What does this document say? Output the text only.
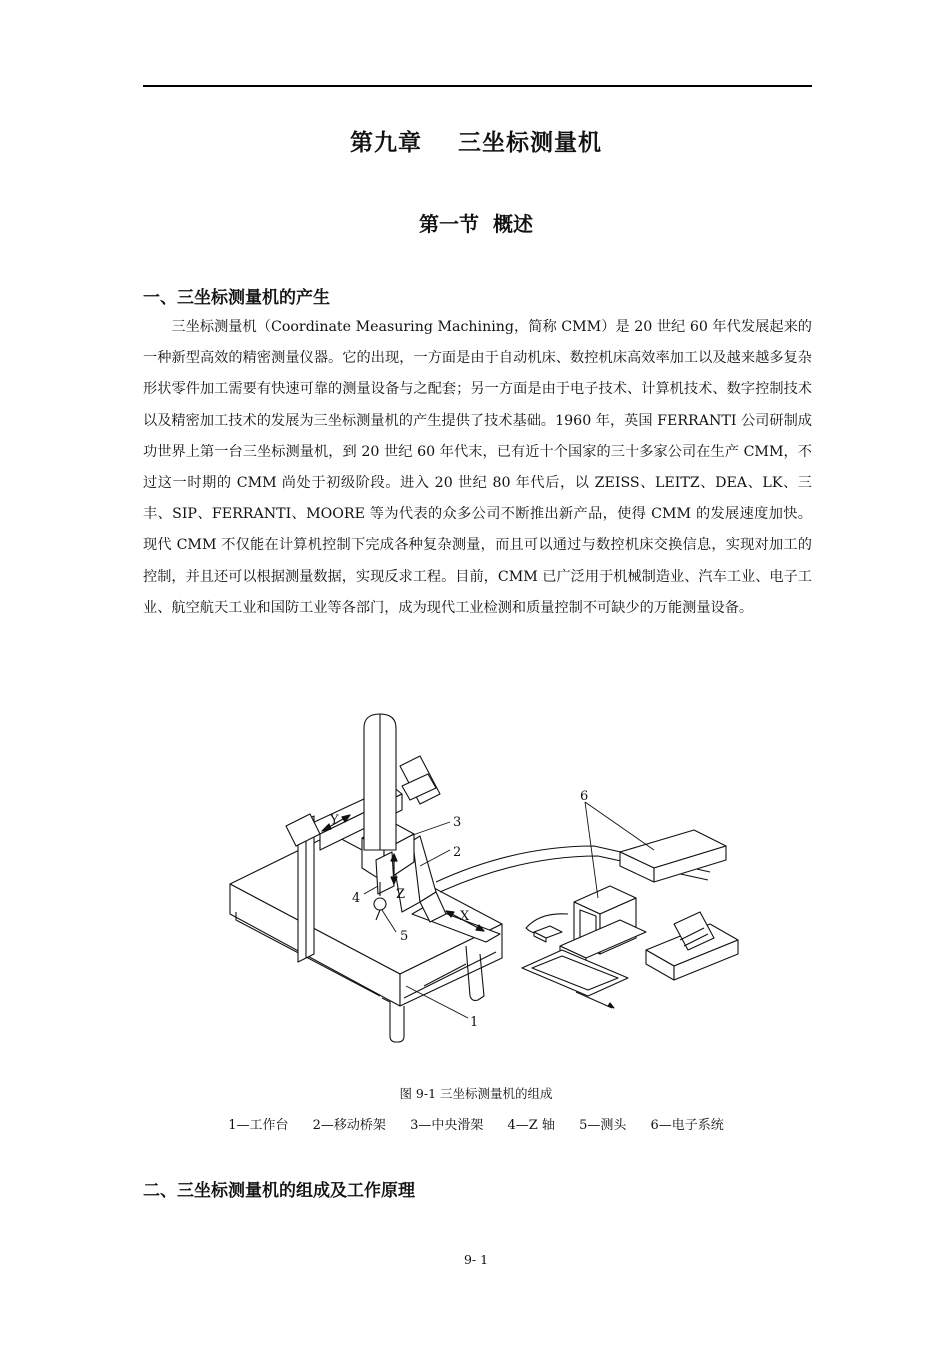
第九章    三坐标测量机
第一节  概述
一、三坐标测量机的产生

三坐标测量机（Coordinate Measuring Machining，简称 CMM）是 20 世纪 60 年代发展起来的一种新型高效的精密测量仪器。它的出现，一方面是由于自动机床、数控机床高效率加工以及越来越多复杂形状零件加工需要有快速可靠的测量设备与之配套；另一方面是由于电子技术、计算机技术、数字控制技术以及精密加工技术的发展为三坐标测量机的产生提供了技术基础。1960 年，英国 FERRANTI 公司研制成功世界上第一台三坐标测量机，到 20 世纪 60 年代末，已有近十个国家的三十多家公司在生产 CMM，不过这一时期的 CMM 尚处于初级阶段。进入 20 世纪 80 年代后，以 ZEISS、LEITZ、DEA、LK、三丰、SIP、FERRANTI、MOORE 等为代表的众多公司不断推出新产品，使得 CMM 的发展速度加快。现代 CMM 不仅能在计算机控制下完成各种复杂测量，而且可以通过与数控机床交换信息，实现对加工的控制，并且还可以根据测量数据，实现反求工程。目前，CMM 已广泛用于机械制造业、汽车工业、电子工业、航空航天工业和国防工业等各部门，成为现代工业检测和质量控制不可缺少的万能测量设备。

6
3
2
4
5
1
Y
Z
X
图 9-1 三坐标测量机的组成
1—工作台 2—移动桥架 3—中央滑架 4—Z 轴 5—测头 6—电子系统
二、三坐标测量机的组成及工作原理
9- 1
